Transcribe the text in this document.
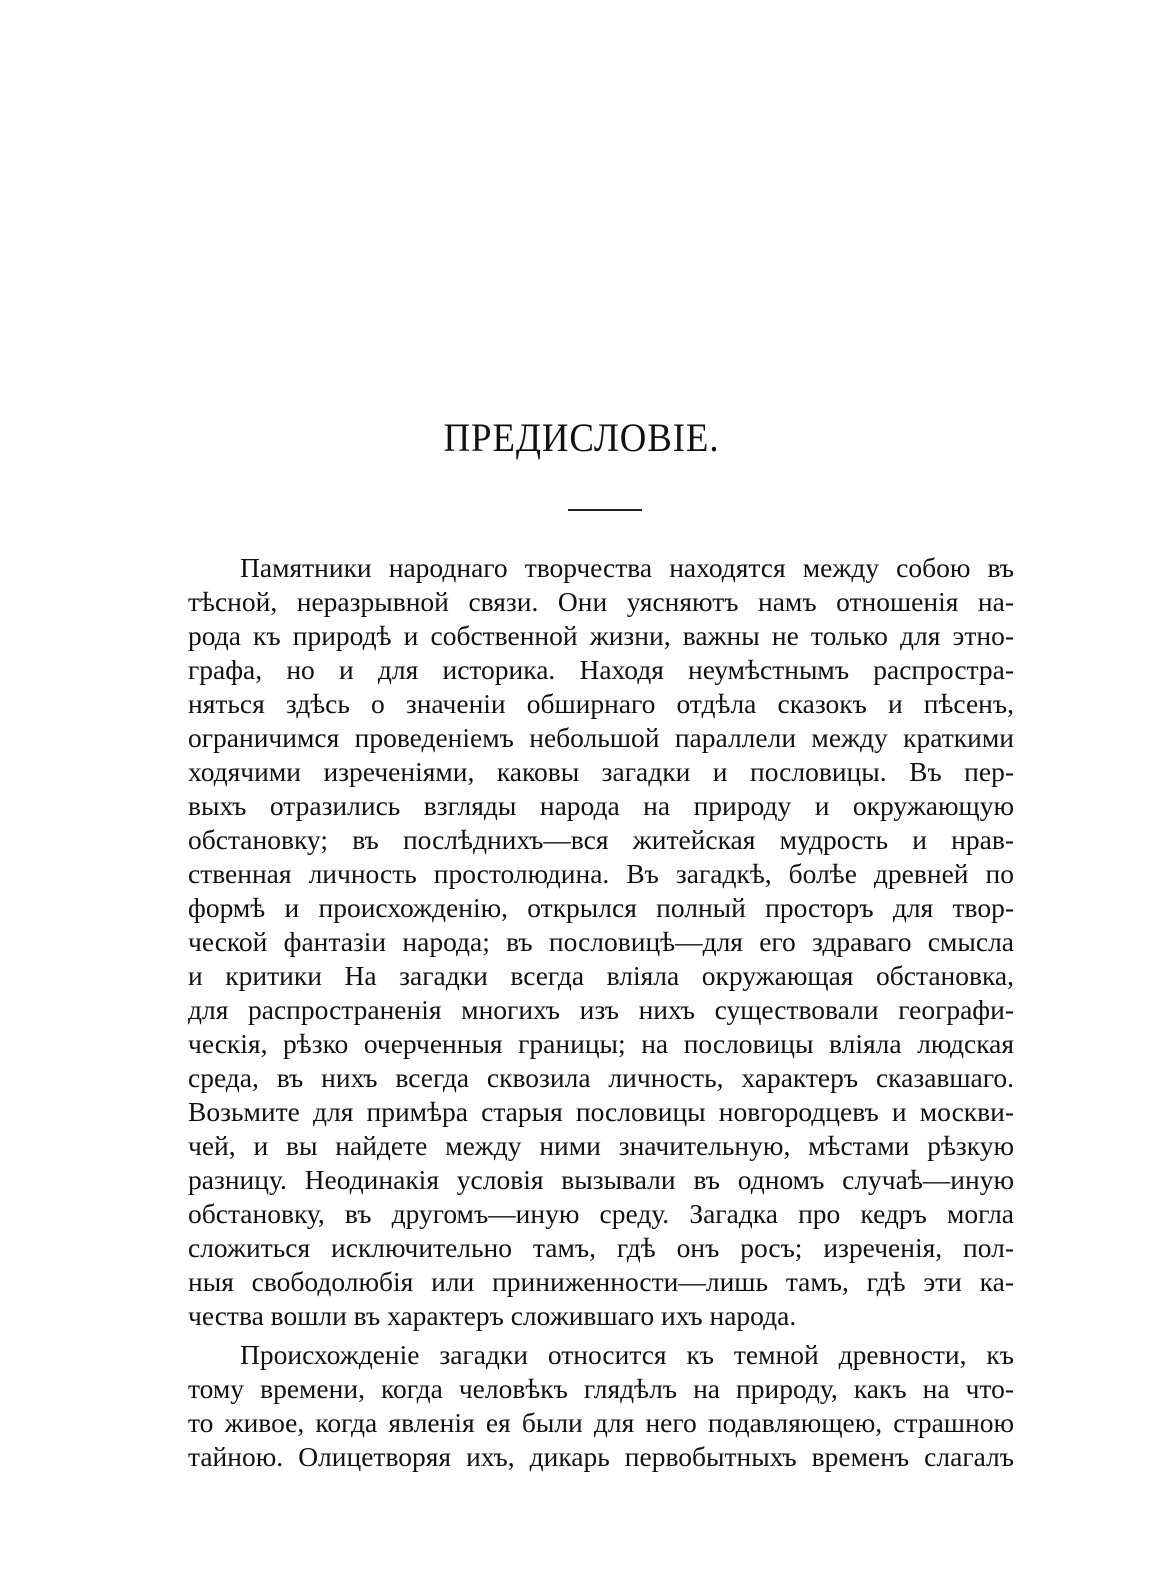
ПРЕДИСЛОВІЕ.
Памятники народнаго творчества находятся между собою въ
тѣсной, неразрывной связи. Они уясняютъ намъ отношенія на-
рода къ природѣ и собственной жизни, важны не только для этно-
графа, но и для историка. Находя неумѣстнымъ распростра-
няться здѣсь о значеніи обширнаго отдѣла сказокъ и пѣсенъ,
ограничимся проведеніемъ небольшой параллели между краткими
ходячими изреченіями, каковы загадки и пословицы. Въ пер-
выхъ отразились взгляды народа на природу и окружающую
обстановку; въ послѣднихъ—вся житейская мудрость и нрав-
ственная личность простолюдина. Въ загадкѣ, болѣе древней по
формѣ и происхожденію, открылся полный просторъ для твор-
ческой фантазіи народа; въ пословицѣ—для его здраваго смысла
и критики На загадки всегда вліяла окружающая обстановка,
для распространенія многихъ изъ нихъ существовали географи-
ческія, рѣзко очерченныя границы; на пословицы вліяла людская
среда, въ нихъ всегда сквозила личность, характеръ сказавшаго.
Возьмите для примѣра старыя пословицы новгородцевъ и москви-
чей, и вы найдете между ними значительную, мѣстами рѣзкую
разницу. Неодинакія условія вызывали въ одномъ случаѣ—иную
обстановку, въ другомъ—иную среду. Загадка про кедръ могла
сложиться исключительно тамъ, гдѣ онъ росъ; изреченія, пол-
ныя свободолюбія или приниженности—лишь тамъ, гдѣ эти ка-
чества вошли въ характеръ сложившаго ихъ народа.
Происхожденіе загадки относится къ темной древности, къ
тому времени, когда человѣкъ глядѣлъ на природу, какъ на что-
то живое, когда явленія ея были для него подавляющею, страшною
тайною. Олицетворяя ихъ, дикарь первобытныхъ временъ слагалъ
